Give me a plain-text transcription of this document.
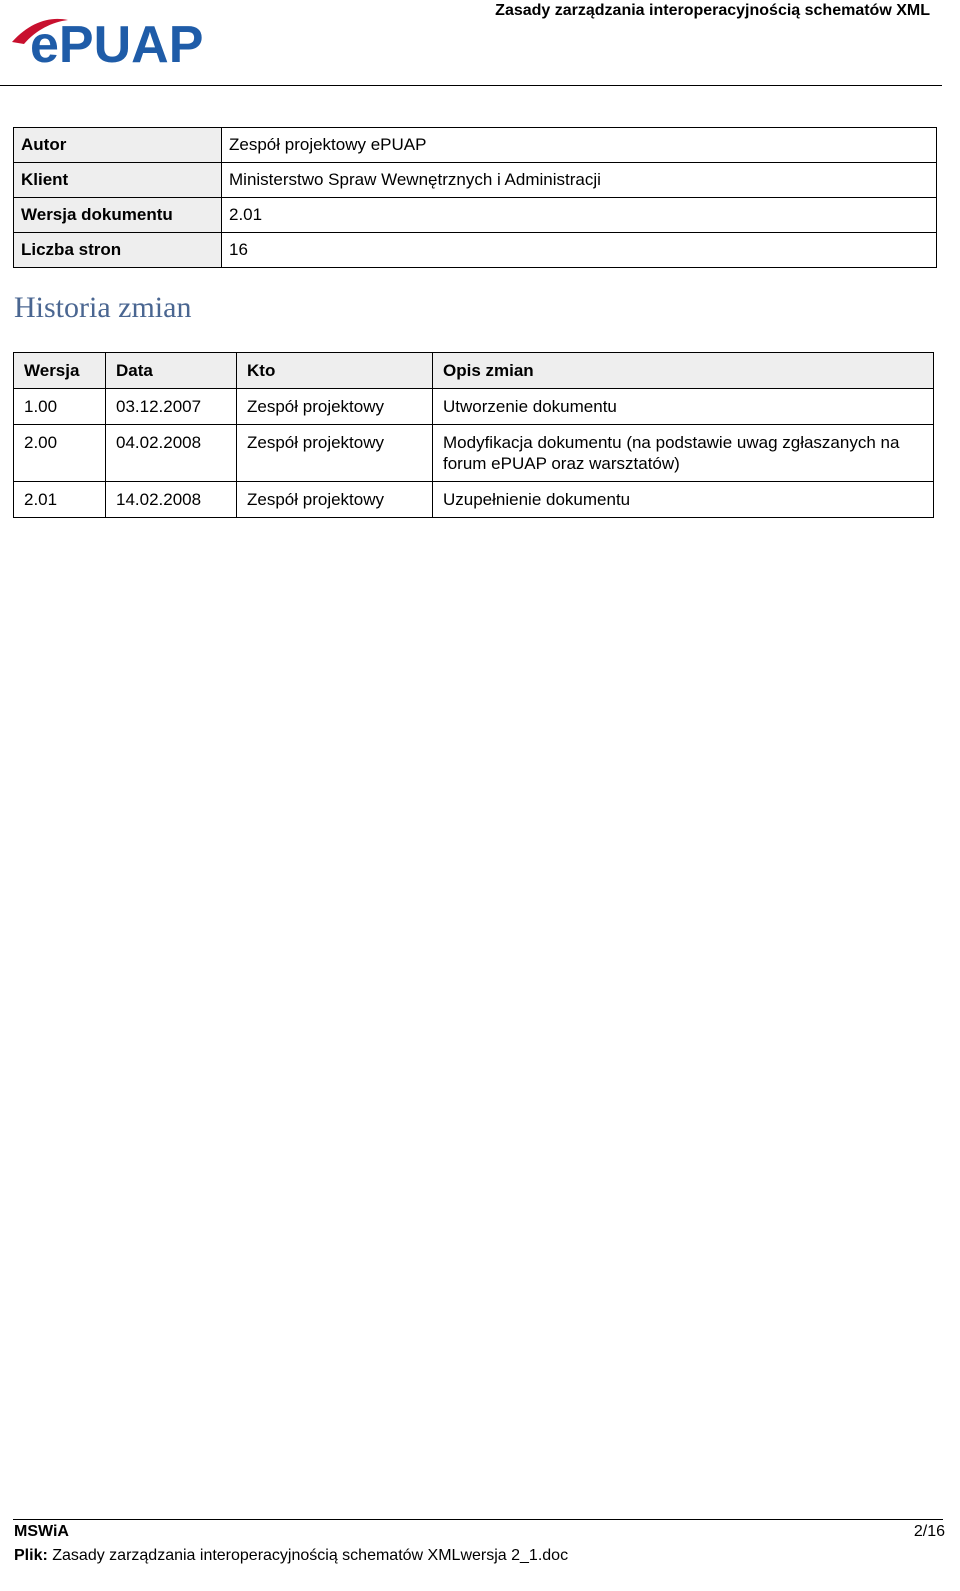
Zasady zarządzania interoperacyjnością schematów XML
ePUAP
Autor	Zespół projektowy ePUAP
Klient	Ministerstwo Spraw Wewnętrznych i Administracji
Wersja dokumentu	2.01
Liczba stron	16
Historia zmian
Wersja	Data	Kto	Opis zmian
1.00	03.12.2007	Zespół projektowy	Utworzenie dokumentu
2.00	04.02.2008	Zespół projektowy	Modyfikacja dokumentu (na podstawie uwag zgłaszanych na forum ePUAP oraz warsztatów)
2.01	14.02.2008	Zespół projektowy	Uzupełnienie dokumentu
MSWiA	2/16
Plik: Zasady zarządzania interoperacyjnością schematów XMLwersja 2_1.doc
